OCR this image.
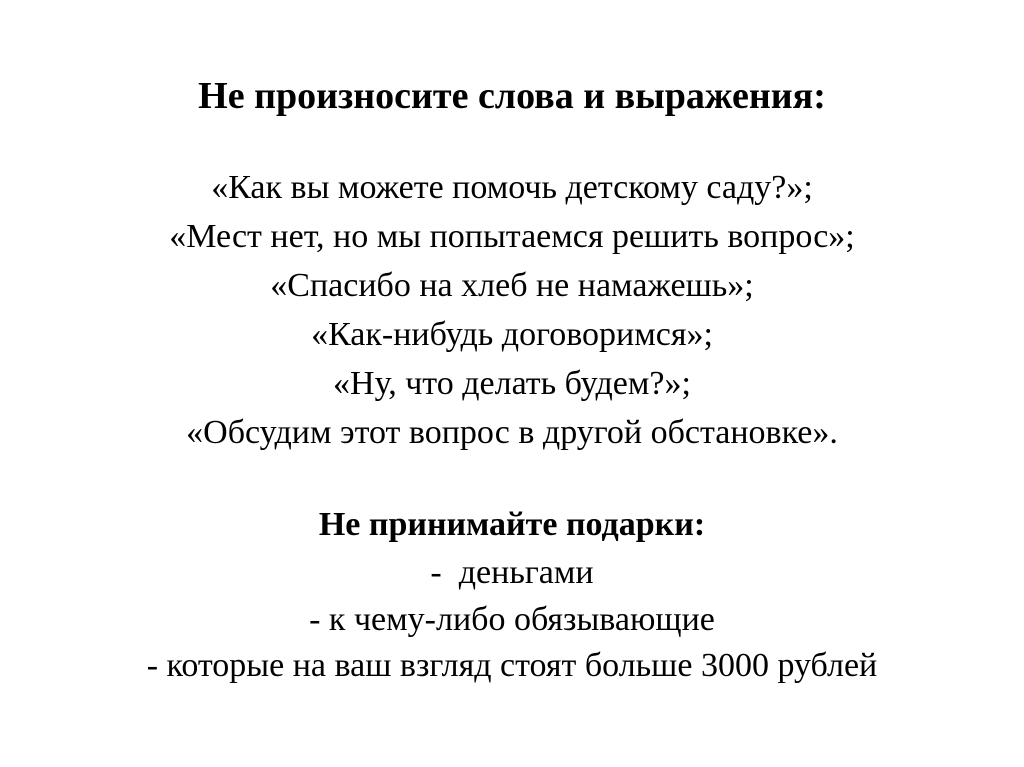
Не произносите слова и выражения:
«Как вы можете помочь детскому саду?»;
«Мест нет, но мы попытаемся решить вопрос»;
«Спасибо на хлеб не намажешь»;
«Как-нибудь договоримся»;
«Ну, что делать будем?»;
«Обсудим этот вопрос в другой обстановке».
Не принимайте подарки:
-  деньгами
- к чему-либо обязывающие
- которые на ваш взгляд стоят больше 3000 рублей
